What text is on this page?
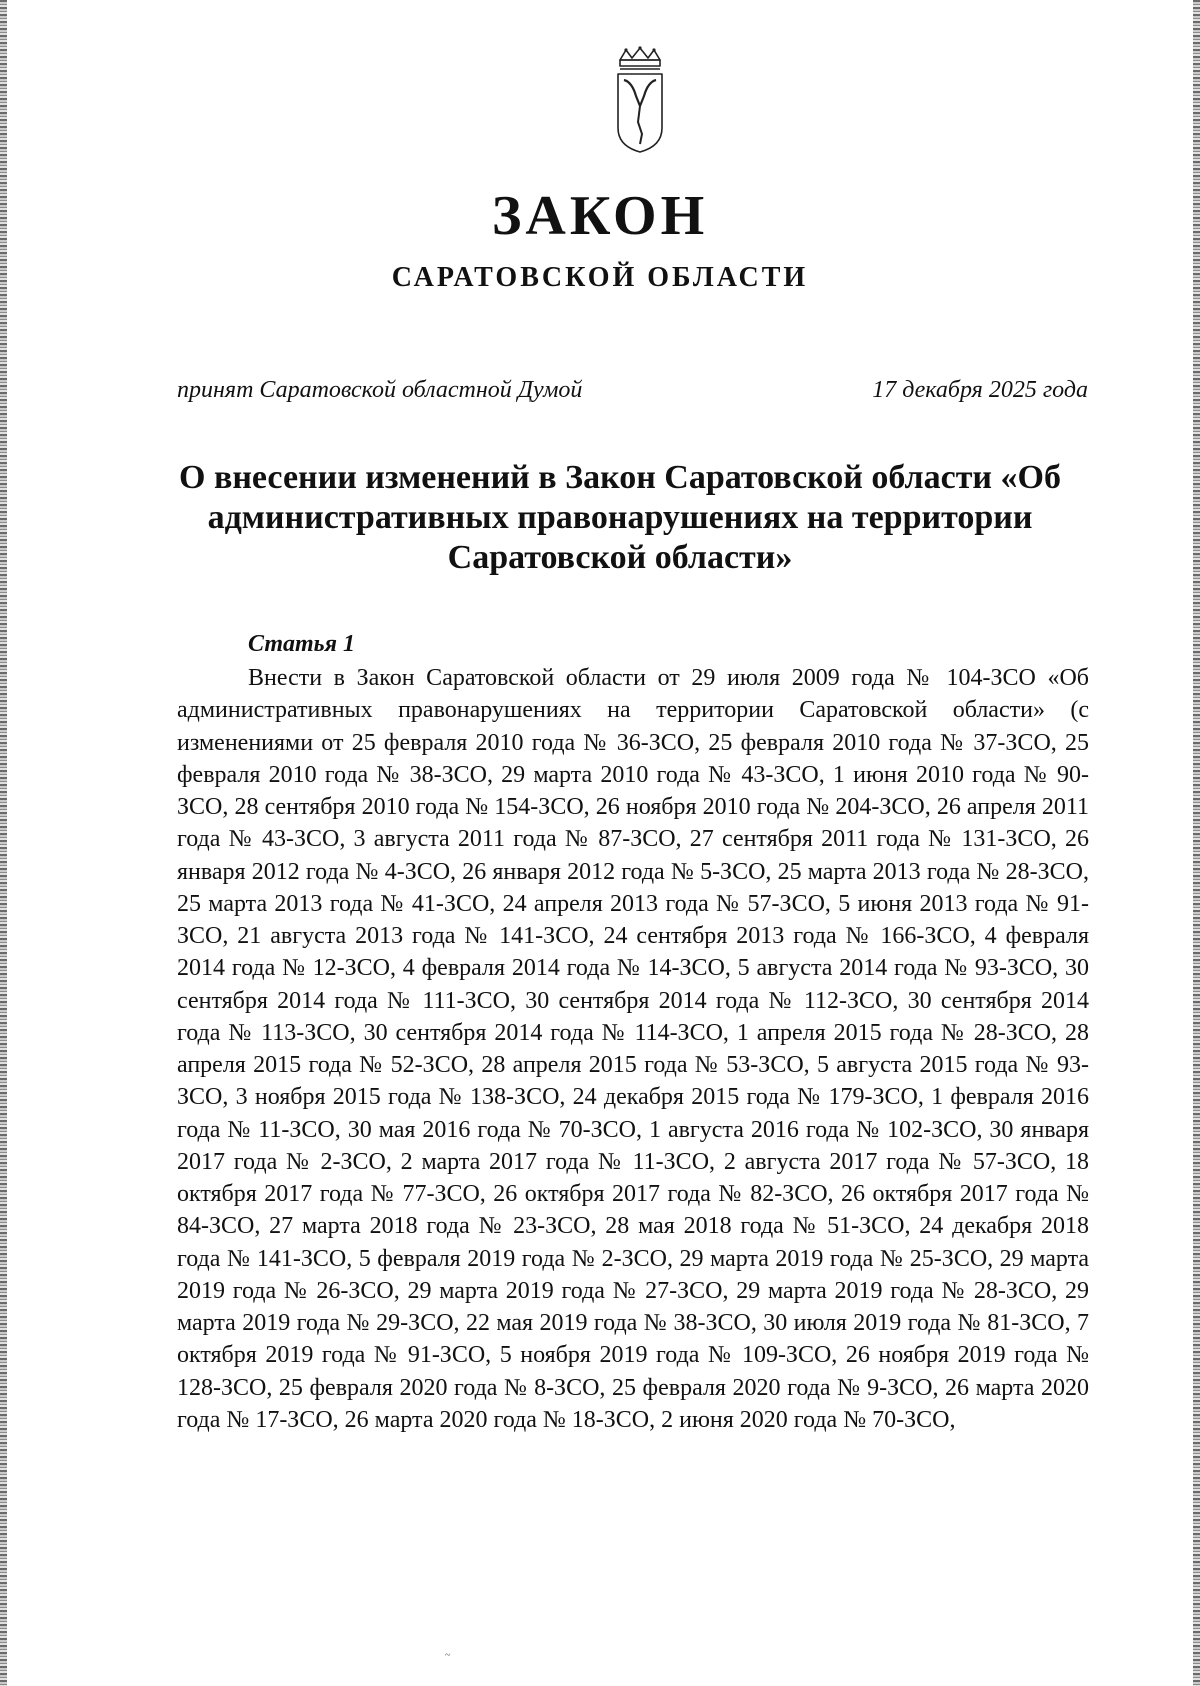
ЗАКОН
САРАТОВСКОЙ ОБЛАСТИ
принят Саратовской областной Думой	17 декабря 2025 года
О внесении изменений в Закон Саратовской области «Об административных правонарушениях на территории Саратовской области»
Статья 1

Внести в Закон Саратовской области от 29 июля 2009 года № 104-ЗСО «Об административных правонарушениях на территории Саратовской области» (с изменениями от 25 февраля 2010 года № 36-ЗСО, 25 февраля 2010 года № 37-ЗСО, 25 февраля 2010 года № 38-ЗСО, 29 марта 2010 года № 43-ЗСО, 1 июня 2010 года № 90-ЗСО, 28 сентября 2010 года № 154-ЗСО, 26 ноября 2010 года № 204-ЗСО, 26 апреля 2011 года № 43-ЗСО, 3 августа 2011 года № 87-ЗСО, 27 сентября 2011 года № 131-ЗСО, 26 января 2012 года № 4-ЗСО, 26 января 2012 года № 5-ЗСО, 25 марта 2013 года № 28-ЗСО, 25 марта 2013 года № 41-ЗСО, 24 апреля 2013 года № 57-ЗСО, 5 июня 2013 года № 91-ЗСО, 21 августа 2013 года № 141-ЗСО, 24 сентября 2013 года № 166-ЗСО, 4 февраля 2014 года № 12-ЗСО, 4 февраля 2014 года № 14-ЗСО, 5 августа 2014 года № 93-ЗСО, 30 сентября 2014 года № 111-ЗСО, 30 сентября 2014 года № 112-ЗСО, 30 сентября 2014 года № 113-ЗСО, 30 сентября 2014 года № 114-ЗСО, 1 апреля 2015 года № 28-ЗСО, 28 апреля 2015 года № 52-ЗСО, 28 апреля 2015 года № 53-ЗСО, 5 августа 2015 года № 93-ЗСО, 3 ноября 2015 года № 138-ЗСО, 24 декабря 2015 года № 179-ЗСО, 1 февраля 2016 года № 11-ЗСО, 30 мая 2016 года № 70-ЗСО, 1 августа 2016 года № 102-ЗСО, 30 января 2017 года № 2-ЗСО, 2 марта 2017 года № 11-ЗСО, 2 августа 2017 года № 57-ЗСО, 18 октября 2017 года № 77-ЗСО, 26 октября 2017 года № 82-ЗСО, 26 октября 2017 года № 84-ЗСО, 27 марта 2018 года № 23-ЗСО, 28 мая 2018 года № 51-ЗСО, 24 декабря 2018 года № 141-ЗСО, 5 февраля 2019 года № 2-ЗСО, 29 марта 2019 года № 25-ЗСО, 29 марта 2019 года № 26-ЗСО, 29 марта 2019 года № 27-ЗСО, 29 марта 2019 года № 28-ЗСО, 29 марта 2019 года № 29-ЗСО, 22 мая 2019 года № 38-ЗСО, 30 июля 2019 года № 81-ЗСО, 7 октября 2019 года № 91-ЗСО, 5 ноября 2019 года № 109-ЗСО, 26 ноября 2019 года № 128-ЗСО, 25 февраля 2020 года № 8-ЗСО, 25 февраля 2020 года № 9-ЗСО, 26 марта 2020 года № 17-ЗСО, 26 марта 2020 года № 18-ЗСО, 2 июня 2020 года № 70-ЗСО,

~
